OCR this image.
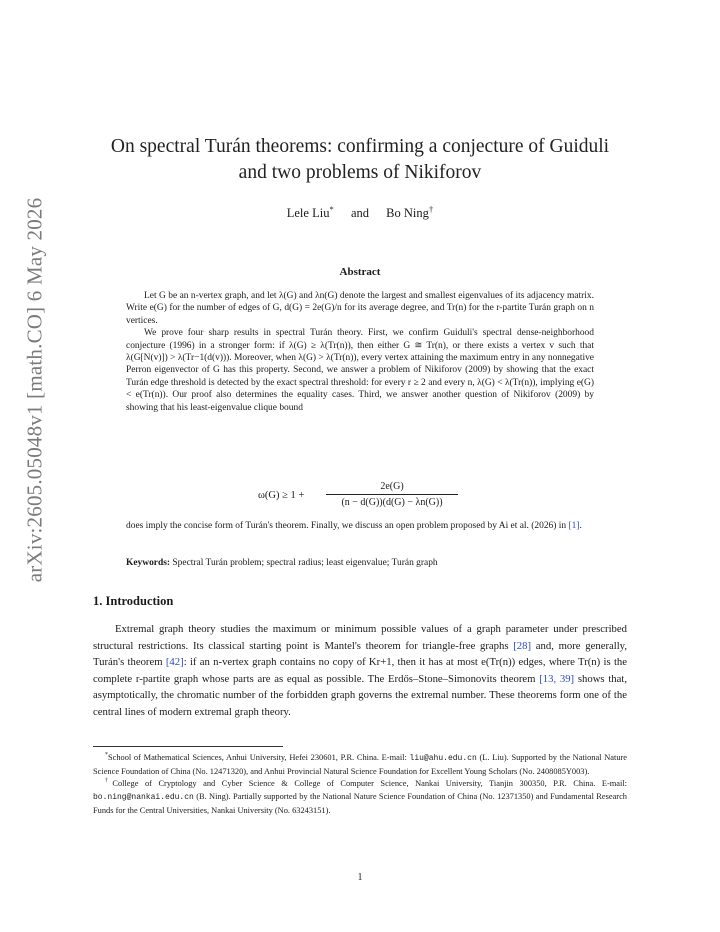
arXiv:2605.05048v1 [math.CO] 6 May 2026
On spectral Turán theorems: confirming a conjecture of Guiduli
and two problems of Nikiforov
Lele Liu* and Bo Ning†
Abstract

Let G be an n-vertex graph, and let λ(G) and λn(G) denote the largest and smallest eigenvalues of its adjacency matrix. Write e(G) for the number of edges of G, d(G) = 2e(G)/n for its average degree, and Tr(n) for the r-partite Turán graph on n vertices.

We prove four sharp results in spectral Turán theory. First, we confirm Guiduli's spectral dense-neighborhood conjecture (1996) in a stronger form: if λ(G) ≥ λ(Tr(n)), then either G ≅ Tr(n), or there exists a vertex v such that λ(G[N(v)]) > λ(Tr−1(d(v))). Moreover, when λ(G) > λ(Tr(n)), every vertex attaining the maximum entry in any nonnegative Perron eigenvector of G has this property. Second, we answer a problem of Nikiforov (2009) by showing that the exact Turán edge threshold is detected by the exact spectral threshold: for every r ≥ 2 and every n, λ(G) < λ(Tr(n)), implying e(G) < e(Tr(n)). Our proof also determines the equality cases. Third, we answer another question of Nikiforov (2009) by showing that his least-eigenvalue clique bound

ω(G) ≥ 1 +
2e(G)
(n − d(G))(d(G) − λn(G))

does imply the concise form of Turán's theorem. Finally, we discuss an open problem proposed by Ai et al. (2026) in [1].

Keywords: Spectral Turán problem; spectral radius; least eigenvalue; Turán graph
1. Introduction

Extremal graph theory studies the maximum or minimum possible values of a graph parameter under prescribed structural restrictions. Its classical starting point is Mantel's theorem for triangle-free graphs [28] and, more generally, Turán's theorem [42]: if an n-vertex graph contains no copy of Kr+1, then it has at most e(Tr(n)) edges, where Tr(n) is the complete r-partite graph whose parts are as equal as possible. The Erdős–Stone–Simonovits theorem [13, 39] shows that, asymptotically, the chromatic number of the forbidden graph governs the extremal number. These theorems form one of the central lines of modern extremal graph theory.

*School of Mathematical Sciences, Anhui University, Hefei 230601, P.R. China. E-mail: liu@ahu.edu.cn (L. Liu). Supported by the National Nature Science Foundation of China (No. 12471320), and Anhui Provincial Natural Science Foundation for Excellent Young Scholars (No. 2408085Y003).

†College of Cryptology and Cyber Science & College of Computer Science, Nankai University, Tianjin 300350, P.R. China. E-mail: bo.ning@nankai.edu.cn (B. Ning). Partially supported by the National Nature Science Foundation of China (No. 12371350) and Fundamental Research Funds for the Central Universities, Nankai University (No. 63243151).

1
